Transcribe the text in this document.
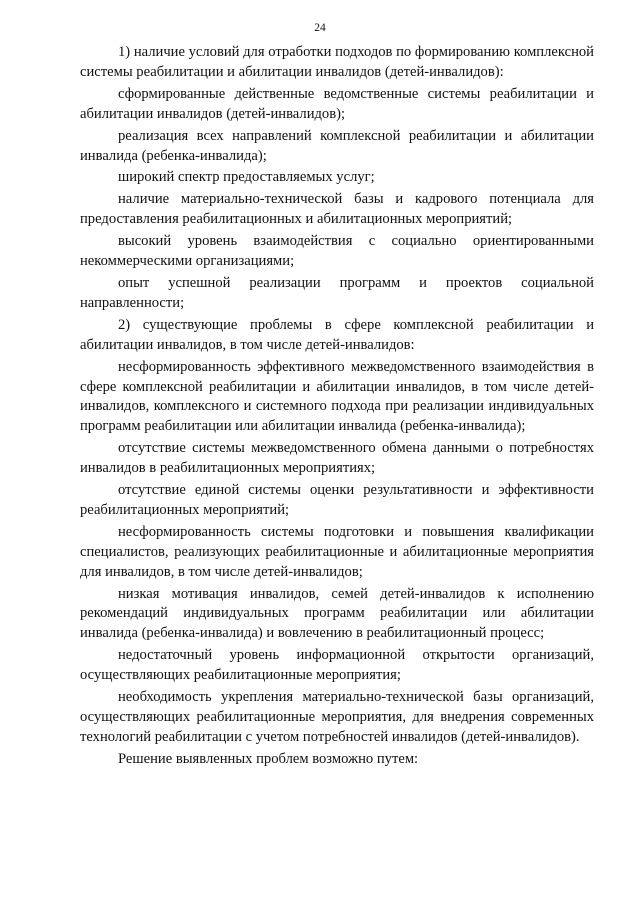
24

1) наличие условий для отработки подходов по формированию комплексной системы реабилитации и абилитации инвалидов (детей-инвалидов):

сформированные действенные ведомственные системы реабилитации и абилитации инвалидов (детей-инвалидов);

реализация всех направлений комплексной реабилитации и абилитации инвалида (ребенка-инвалида);

широкий спектр предоставляемых услуг;

наличие материально-технической базы и кадрового потенциала для предоставления реабилитационных и абилитационных мероприятий;

высокий уровень взаимодействия с социально ориентированными некоммерческими организациями;

опыт успешной реализации программ и проектов социальной направленности;

2) существующие проблемы в сфере комплексной реабилитации и абилитации инвалидов, в том числе детей-инвалидов:

несформированность эффективного межведомственного взаимодействия в сфере комплексной реабилитации и абилитации инвалидов, в том числе детей-инвалидов, комплексного и системного подхода при реализации индивидуальных программ реабилитации или абилитации инвалида (ребенка-инвалида);

отсутствие системы межведомственного обмена данными о потребностях инвалидов в реабилитационных мероприятиях;

отсутствие единой системы оценки результативности и эффективности реабилитационных мероприятий;

несформированность системы подготовки и повышения квалификации специалистов, реализующих реабилитационные и абилитационные мероприятия для инвалидов, в том числе детей-инвалидов;

низкая мотивация инвалидов, семей детей-инвалидов к исполнению рекомендаций индивидуальных программ реабилитации или абилитации инвалида (ребенка-инвалида) и вовлечению в реабилитационный процесс;

недостаточный уровень информационной открытости организаций, осуществляющих реабилитационные мероприятия;

необходимость укрепления материально-технической базы организаций, осуществляющих реабилитационные мероприятия, для внедрения современных технологий реабилитации с учетом потребностей инвалидов (детей-инвалидов).

Решение выявленных проблем возможно путем:
